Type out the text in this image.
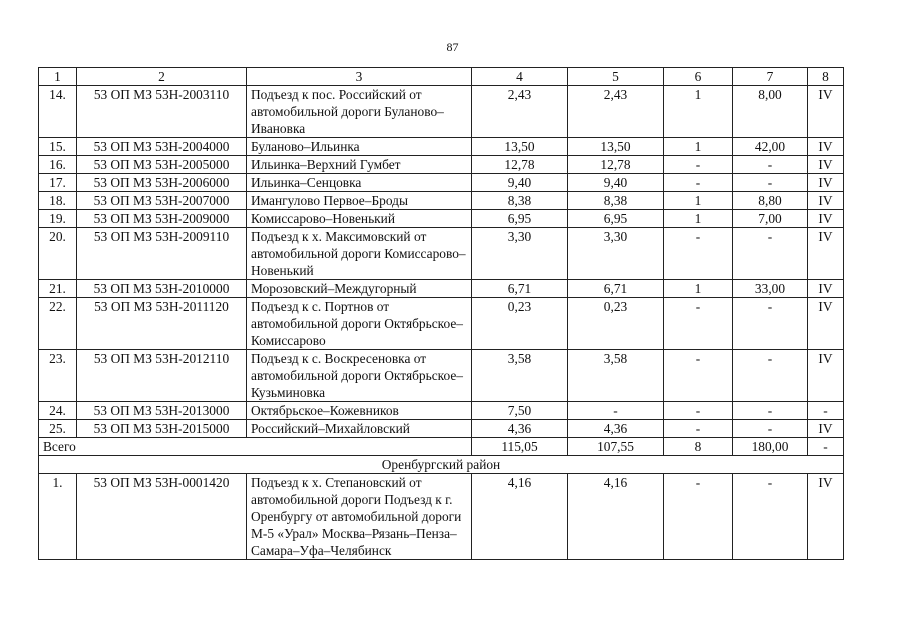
87
1	2	3	4	5	6	7	8
14.	53 ОП МЗ 53Н-2003110	Подъезд к пос. Российский от автомобильной дороги Буланово–Ивановка	2,43	2,43	1	8,00	IV
15.	53 ОП МЗ 53Н-2004000	Буланово–Ильинка	13,50	13,50	1	42,00	IV
16.	53 ОП МЗ 53Н-2005000	Ильинка–Верхний Гумбет	12,78	12,78	-	-	IV
17.	53 ОП МЗ 53Н-2006000	Ильинка–Сенцовка	9,40	9,40	-	-	IV
18.	53 ОП МЗ 53Н-2007000	Имангулово Первое–Броды	8,38	8,38	1	8,80	IV
19.	53 ОП МЗ 53Н-2009000	Комиссарово–Новенький	6,95	6,95	1	7,00	IV
20.	53 ОП МЗ 53Н-2009110	Подъезд к х. Максимовский от автомобильной дороги Комиссарово–Новенький	3,30	3,30	-	-	IV
21.	53 ОП МЗ 53Н-2010000	Морозовский–Междугорный	6,71	6,71	1	33,00	IV
22.	53 ОП МЗ 53Н-2011120	Подъезд к с. Портнов от автомобильной дороги Октябрьское–Комиссарово	0,23	0,23	-	-	IV
23.	53 ОП МЗ 53Н-2012110	Подъезд к с. Воскресеновка от автомобильной дороги Октябрьское–Кузьминовка	3,58	3,58	-	-	IV
24.	53 ОП МЗ 53Н-2013000	Октябрьское–Кожевников	7,50	-	-	-	-
25.	53 ОП МЗ 53Н-2015000	Российский–Михайловский	4,36	4,36	-	-	IV
Всего			115,05	107,55	8	180,00	-
Оренбургский район							
1.	53 ОП МЗ 53Н-0001420	Подъезд к х. Степановский от автомобильной дороги Подъезд к г. Оренбургу от автомобильной дороги М-5 «Урал» Москва–Рязань–Пенза–Самара–Уфа–Челябинск	4,16	4,16	-	-	IV
